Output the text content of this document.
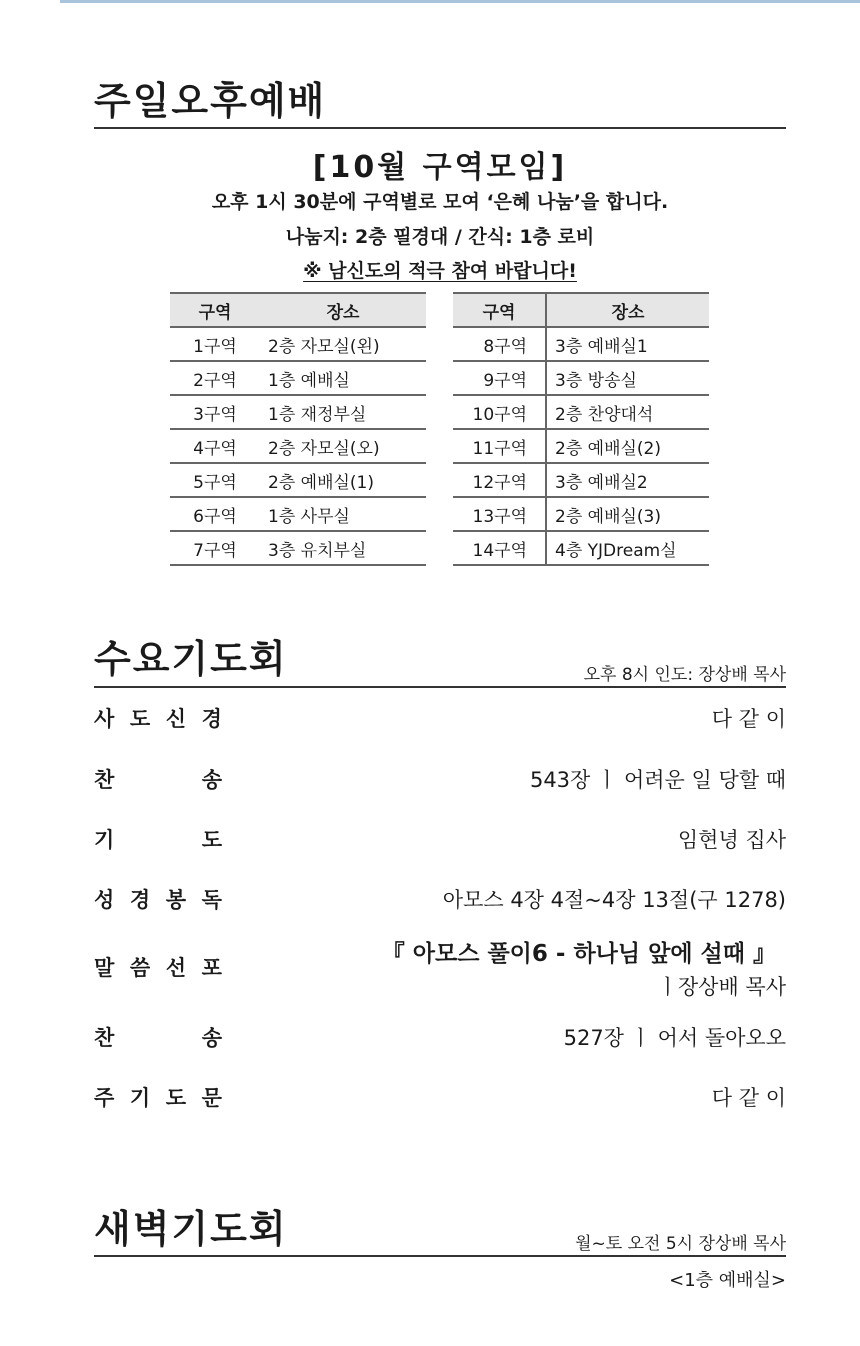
주일오후예배
[10월 구역모임]
오후 1시 30분에 구역별로 모여 ‘은혜 나눔’을 합니다.
나눔지: 2층 필경대 / 간식: 1층 로비
※ 남신도의 적극 참여 바랍니다!
구역	장소
1구역	2층 자모실(왼)
2구역	1층 예배실
3구역	1층 재정부실
4구역	2층 자모실(오)
5구역	2층 예배실(1)
6구역	1층 사무실
7구역	3층 유치부실
구역	장소
8구역	3층 예배실1
9구역	3층 방송실
10구역	2층 찬양대석
11구역	2층 예배실(2)
12구역	3층 예배실2
13구역	2층 예배실(3)
14구역	4층 YJDream실
수요기도회	오후 8시 인도: 장상배 목사
사 도 신 경	다 같 이
찬	송	543장 ㅣ 어려운 일 당할 때
기	도	임현녕 집사
성 경 봉 독	아모스 4장 4절~4장 13절(구 1278)
말 씀 선 포
『 아모스 풀이6 - 하나님 앞에 설때 』
ㅣ장상배 목사
찬	송	527장 ㅣ 어서 돌아오오
주 기 도 문	다 같 이
새벽기도회	월~토 오전 5시 장상배 목사
<1층 예배실>
